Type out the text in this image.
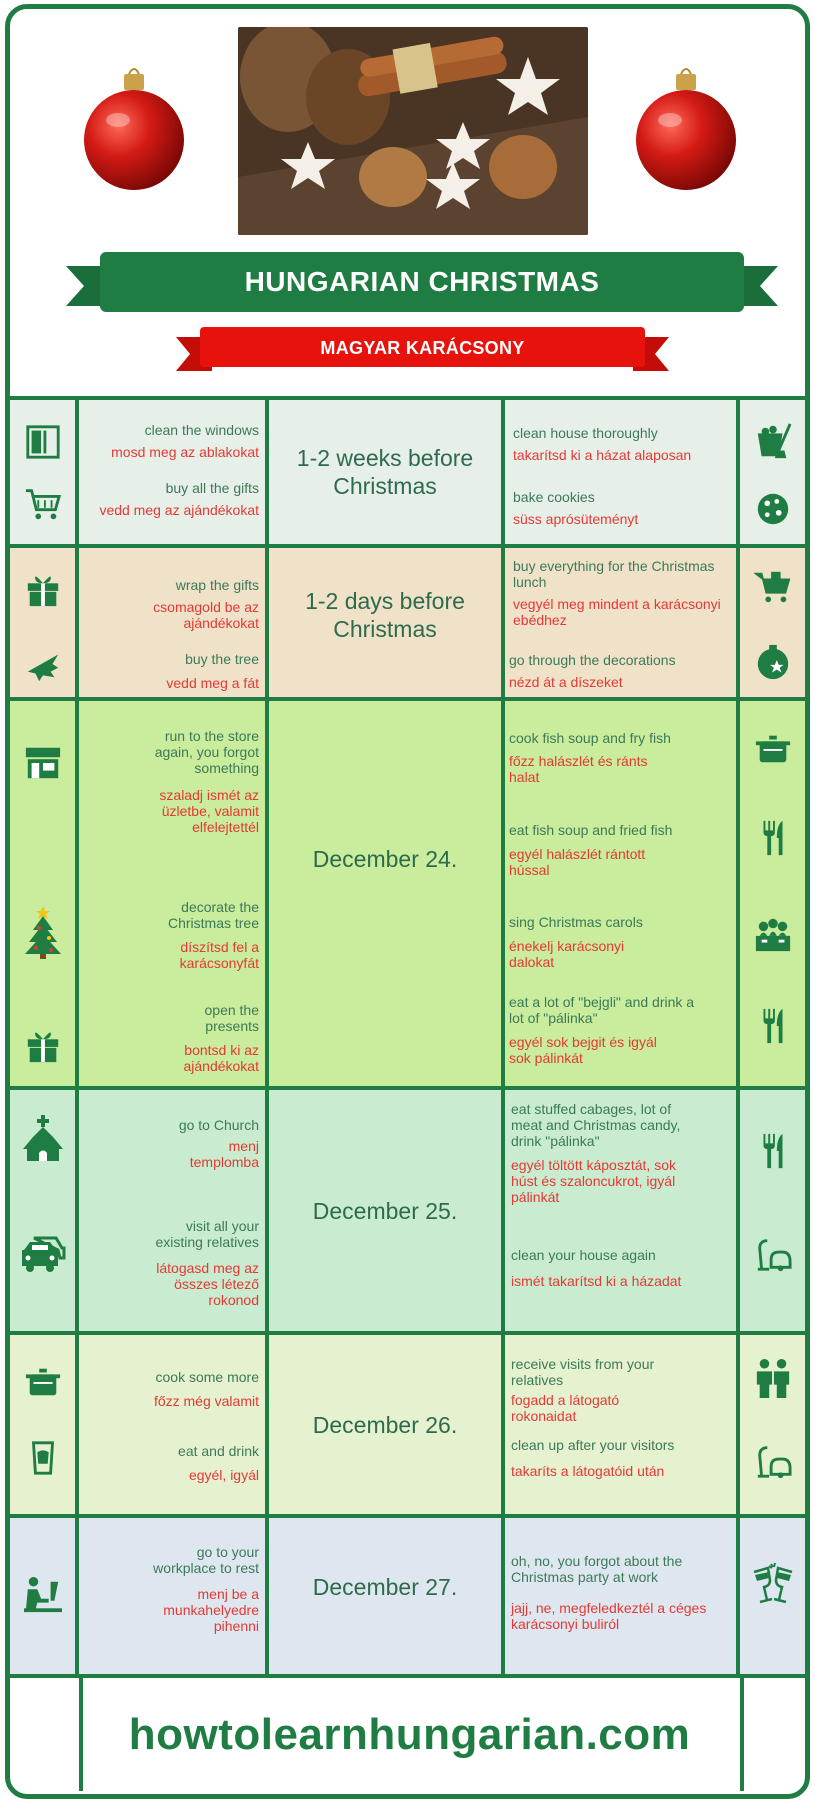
HUNGARIAN CHRISTMAS
MAGYAR KARÁCSONY
clean the windows
mosd meg az ablakokat
buy all the gifts
vedd meg az ajándékokat
1-2 weeks before Christmas
clean house thoroughly
takarítsd ki a házat alaposan
bake cookies
süss aprósüteményt
wrap the gifts
csomagold be az ajándékokat
buy the tree
vedd meg a fát
1-2 days before Christmas
buy everything for the Christmas lunch
vegyél meg mindent a karácsonyi ebédhez
go through the decorations
nézd át a díszeket
run to the store again, you forgot something
szaladj ismét az üzletbe, valamit elfelejtettél
decorate the Christmas tree
díszítsd fel a karácsonyfát
open the presents
bontsd ki az ajándékokat
December 24.
cook fish soup and fry fish
főzz halászlét és ránts halat
eat fish soup and fried fish
egyél halászlét rántott hússal
sing Christmas carols
énekelj karácsonyi dalokat
eat a lot of "bejgli" and drink a lot of "pálinka"
egyél sok bejgit és igyál sok pálinkát
go to Church
menj templomba
visit all your existing relatives
látogasd meg az összes létező rokonod
December 25.
eat stuffed cabages, lot of meat and Christmas candy, drink "pálinka"
egyél töltött káposztát, sok húst és szaloncukrot, igyál pálinkát
clean your house again
ismét takarítsd ki a házadat
cook some more
főzz még valamit
eat and drink
egyél, igyál
December 26.
receive visits from your relatives
fogadd a látogató rokonaidat
clean up after your visitors
takaríts a látogatóid után
go to your workplace to rest
menj be a munkahelyedre pihenni
December 27.
oh, no, you forgot about the Christmas party at work
jajj, ne, megfeledkeztél a céges karácsonyi buliról
howtolearnhungarian.com
